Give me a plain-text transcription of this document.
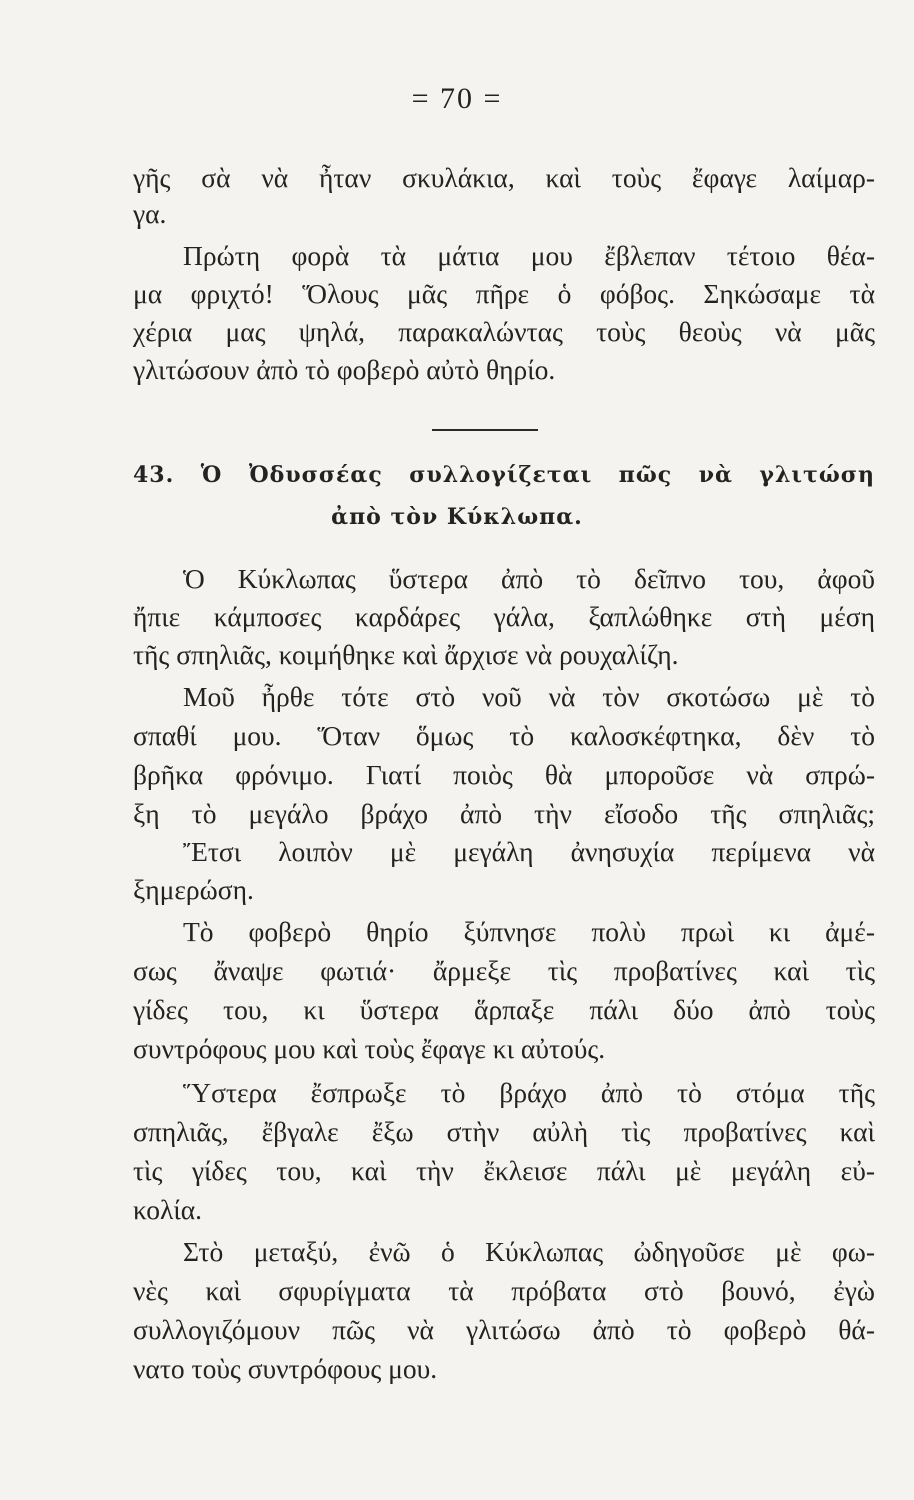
= 70 =
γῆς σὰ νὰ ἦταν σκυλάκια, καὶ τοὺς ἔφαγε λαίμαρ-
γα.
Πρώτη φορὰ τὰ μάτια μου ἔβλεπαν τέτοιο θέα-
μα φριχτό! Ὅλους μᾶς πῆρε ὁ φόβος. Σηκώσαμε τὰ
χέρια μας ψηλά, παρακαλώντας τοὺς θεοὺς νὰ μᾶς
γλιτώσουν ἀπὸ τὸ φοβερὸ αὐτὸ θηρίο.
43. Ὁ Ὀδυσσέας συλλογίζεται πῶς νὰ γλιτώση
ἀπὸ τὸν Κύκλωπα.
Ὁ Κύκλωπας ὕστερα ἀπὸ τὸ δεῖπνο του, ἀφοῦ
ἤπιε κάμποσες καρδάρες γάλα, ξαπλώθηκε στὴ μέση
τῆς σπηλιᾶς, κοιμήθηκε καὶ ἄρχισε νὰ ρουχαλίζη.
Μοῦ ἦρθε τότε στὸ νοῦ νὰ τὸν σκοτώσω μὲ τὸ
σπαθί μου. Ὅταν ὅμως τὸ καλοσκέφτηκα, δὲν τὸ
βρῆκα φρόνιμο. Γιατί ποιὸς θὰ μποροῦσε νὰ σπρώ-
ξη τὸ μεγάλο βράχο ἀπὸ τὴν εἴσοδο τῆς σπηλιᾶς;
Ἔτσι λοιπὸν μὲ μεγάλη ἀνησυχία περίμενα νὰ
ξημερώση.
Τὸ φοβερὸ θηρίο ξύπνησε πολὺ πρωὶ κι ἀμέ-
σως ἄναψε φωτιά· ἄρμεξε τὶς προβατίνες καὶ τὶς
γίδες του, κι ὕστερα ἅρπαξε πάλι δύο ἀπὸ τοὺς
συντρόφους μου καὶ τοὺς ἔφαγε κι αὐτούς.
Ὕστερα ἔσπρωξε τὸ βράχο ἀπὸ τὸ στόμα τῆς
σπηλιᾶς, ἔβγαλε ἔξω στὴν αὐλὴ τὶς προβατίνες καὶ
τὶς γίδες του, καὶ τὴν ἔκλεισε πάλι μὲ μεγάλη εὐ-
κολία.
Στὸ μεταξύ, ἐνῶ ὁ Κύκλωπας ὠδηγοῦσε μὲ φω-
νὲς καὶ σφυρίγματα τὰ πρόβατα στὸ βουνό, ἐγὼ
συλλογιζόμουν πῶς νὰ γλιτώσω ἀπὸ τὸ φοβερὸ θά-
νατο τοὺς συντρόφους μου.
